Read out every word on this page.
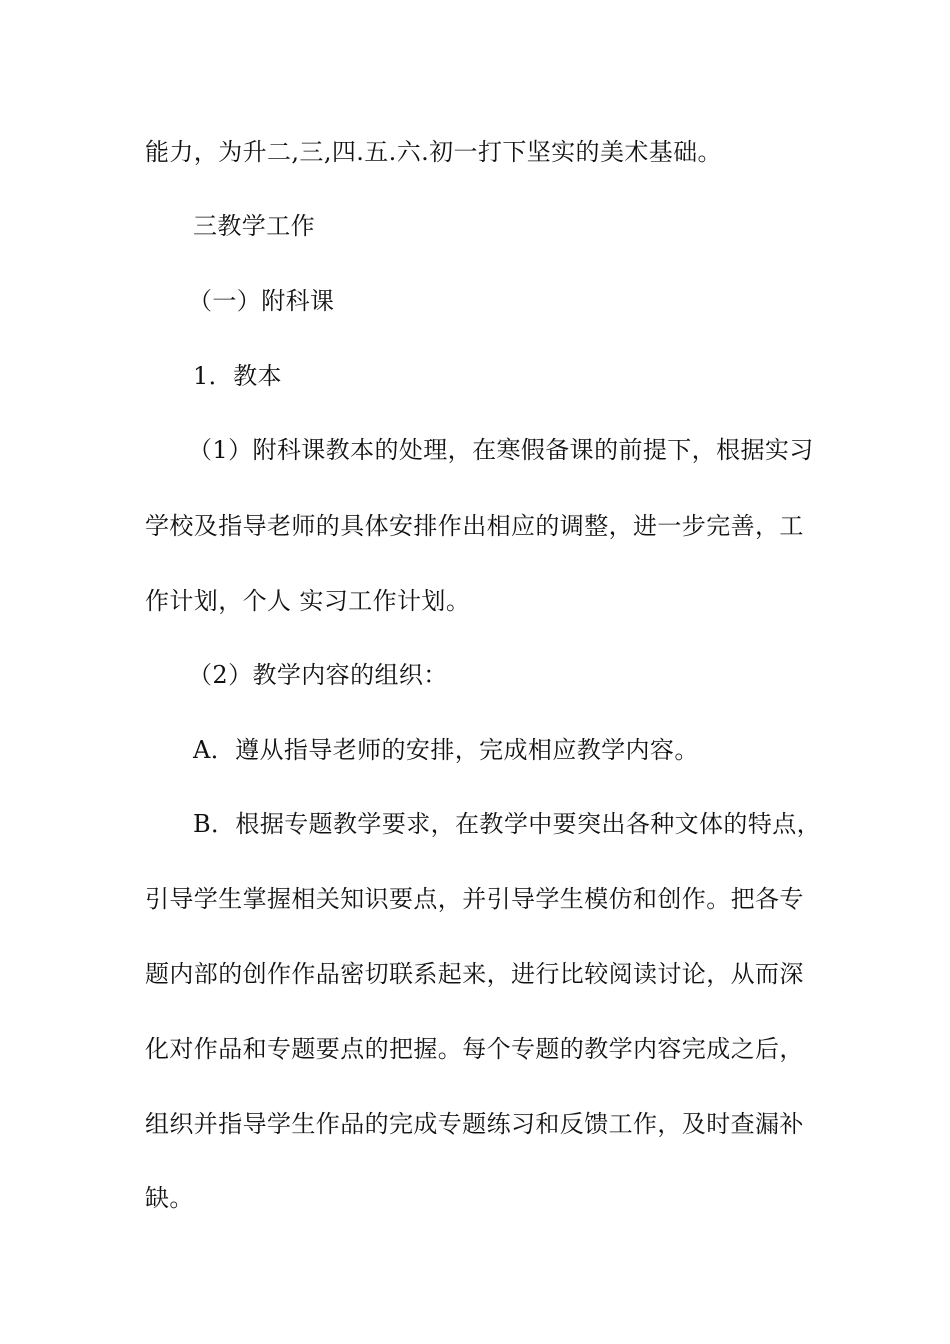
能力，为升二,三,四.五.六.初一打下坚实的美术基础。
三教学工作
（一）附科课
1．教本
（1）附科课教本的处理，在寒假备课的前提下，根据实习
学校及指导老师的具体安排作出相应的调整，进一步完善，工
作计划，个人 实习工作计划。
（2）教学内容的组织：
A．遵从指导老师的安排，完成相应教学内容。
B．根据专题教学要求，在教学中要突出各种文体的特点，
引导学生掌握相关知识要点，并引导学生模仿和创作。把各专
题内部的创作作品密切联系起来，进行比较阅读讨论，从而深
化对作品和专题要点的把握。每个专题的教学内容完成之后，
组织并指导学生作品的完成专题练习和反馈工作，及时查漏补
缺。
